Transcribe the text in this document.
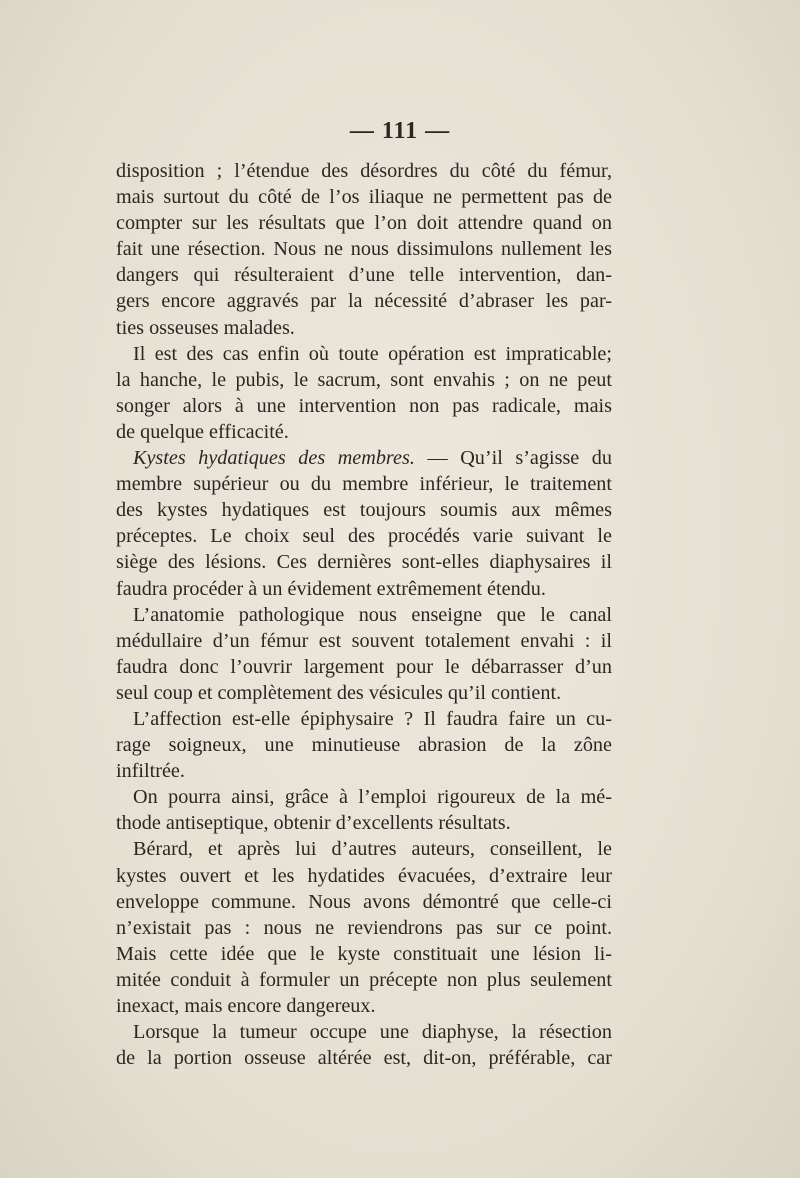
— 111 —
disposition ; l’étendue des désordres du côté du fémur,
mais surtout du côté de l’os iliaque ne permettent pas de
compter sur les résultats que l’on doit attendre quand on
fait une résection. Nous ne nous dissimulons nullement les
dangers qui résulteraient d’une telle intervention, dan-
gers encore aggravés par la nécessité d’abraser les par-
ties osseuses malades.
Il est des cas enfin où toute opération est impraticable;
la hanche, le pubis, le sacrum, sont envahis ; on ne peut
songer alors à une intervention non pas radicale, mais
de quelque efficacité.
Kystes hydatiques des membres. — Qu’il s’agisse du
membre supérieur ou du membre inférieur, le traitement
des kystes hydatiques est toujours soumis aux mêmes
préceptes. Le choix seul des procédés varie suivant le
siège des lésions. Ces dernières sont-elles diaphysaires il
faudra procéder à un évidement extrêmement étendu.
L’anatomie pathologique nous enseigne que le canal
médullaire d’un fémur est souvent totalement envahi : il
faudra donc l’ouvrir largement pour le débarrasser d’un
seul coup et complètement des vésicules qu’il contient.
L’affection est-elle épiphysaire ? Il faudra faire un cu-
rage soigneux, une minutieuse abrasion de la zône
infiltrée.
On pourra ainsi, grâce à l’emploi rigoureux de la mé-
thode antiseptique, obtenir d’excellents résultats.
Bérard, et après lui d’autres auteurs, conseillent, le
kystes ouvert et les hydatides évacuées, d’extraire leur
enveloppe commune. Nous avons démontré que celle-ci
n’existait pas : nous ne reviendrons pas sur ce point.
Mais cette idée que le kyste constituait une lésion li-
mitée conduit à formuler un précepte non plus seulement
inexact, mais encore dangereux.
Lorsque la tumeur occupe une diaphyse, la résection
de la portion osseuse altérée est, dit-on, préférable, car
